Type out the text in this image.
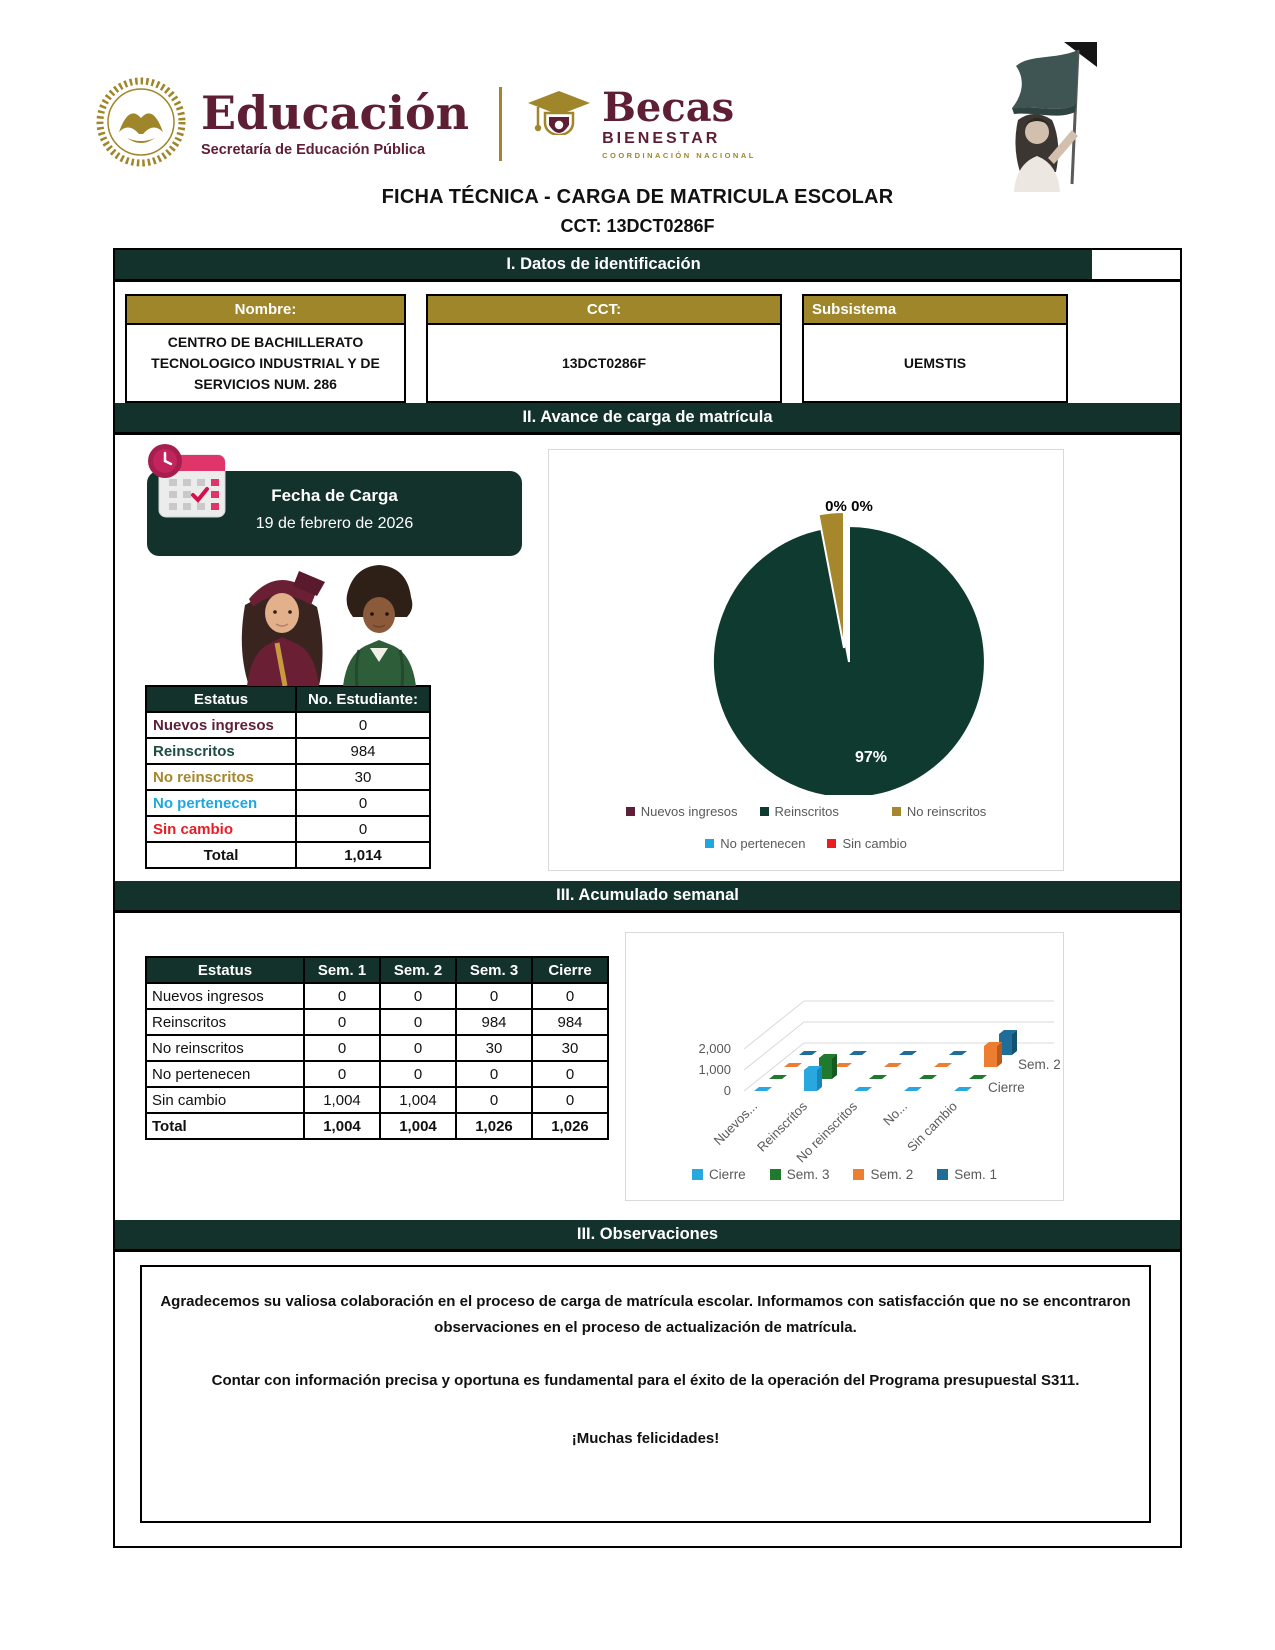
Educación
Secretaría de Educación Pública
Becas
BIENESTAR
COORDINACIÓN NACIONAL
FICHA TÉCNICA - CARGA DE MATRICULA ESCOLAR
CCT: 13DCT0286F
I. Datos de identificación
Nombre:
CENTRO DE BACHILLERATO TECNOLOGICO INDUSTRIAL Y DE SERVICIOS NUM. 286
CCT:
13DCT0286F
Subsistema
UEMSTIS
II. Avance de carga de matrícula
Fecha de Carga
19 de febrero de 2026
Estatus	No. Estudiante:
Nuevos ingresos	0
Reinscritos	984
No reinscritos	30
No pertenecen	0
Sin cambio	0
Total	1,014
0% 0%
97%
Nuevos ingresos	Reinscritos	No reinscritos
No pertenecen	Sin cambio
III. Acumulado semanal
Estatus	Sem. 1	Sem. 2	Sem. 3	Cierre
Nuevos ingresos	0	0	0	0
Reinscritos	0	0	984	984
No reinscritos	0	0	30	30
No pertenecen	0	0	0	0
Sin cambio	1,004	1,004	0	0
Total	1,004	1,004	1,026	1,026
2,000
1,000
0
Sem. 2
Cierre
Nuevos...
Reinscritos
No reinscritos No...
Sin cambio
Cierre	Sem. 3	Sem. 2	Sem. 1
III. Observaciones
Agradecemos su valiosa colaboración en el proceso de carga de matrícula escolar. Informamos con satisfacción que no se encontraron observaciones en el proceso de actualización de matrícula.
Contar con información precisa y oportuna es fundamental para el éxito de la operación del Programa presupuestal S311.
¡Muchas felicidades!
